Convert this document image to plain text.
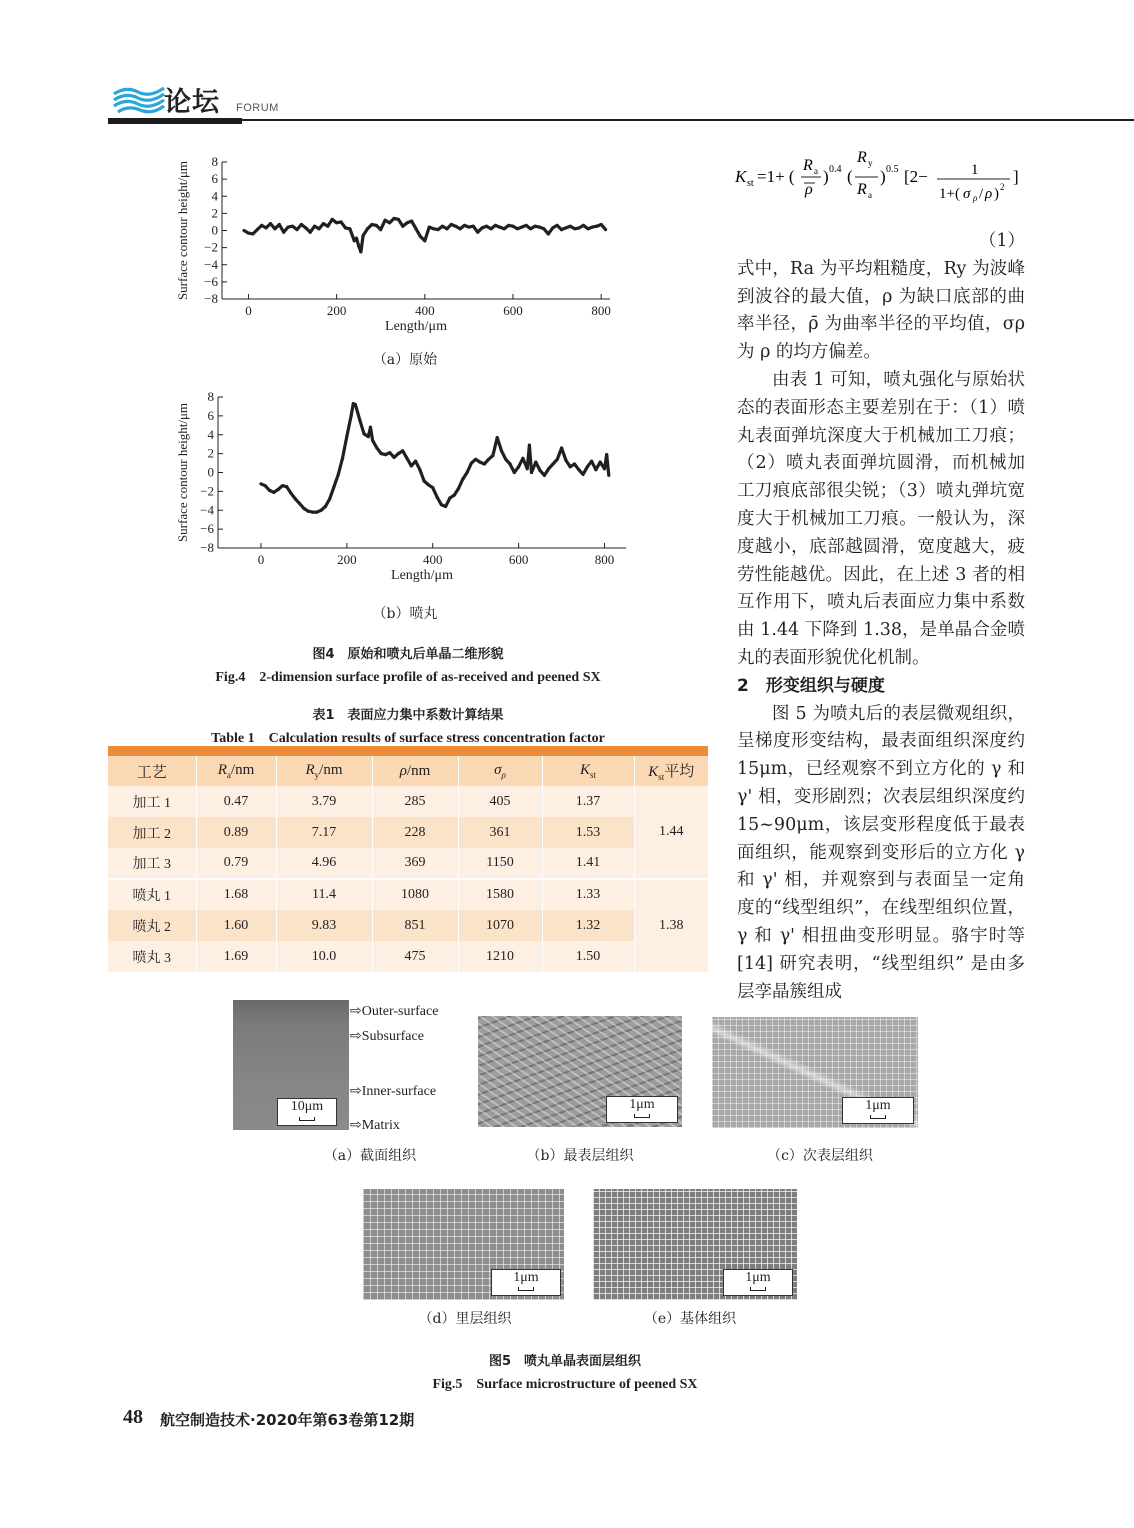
论坛 FORUM
8
6
4
2
0
−2
−4
−6
−8
0	200	400	600	800
Length/μm
Surface contour height/μm
（a）原始
8
6
4
2
0
−2
−4
−6
−8
0	200	400	600	800
Length/μm
Surface contour height/μm
（b）喷丸
图4　原始和喷丸后单晶二维形貌
Fig.4　2-dimension surface profile of as-received and peened SX
表1　表面应力集中系数计算结果
Table 1　Calculation results of surface stress concentration factor

工艺	$R_a/nm$	$R_y/nm$	ρ/nm	$\sigma_\rho$	$K_{st}$	$K_{st}$平均
加工 1	0.47	3.79	285	405	1.37	1.44
加工 2	0.89	7.17	228	361	1.53	
加工 3	0.79	4.96	369	1150	1.41	
喷丸 1	1.68	11.4	1080	1580	1.33	1.38
喷丸 2	1.60	9.83	851	1070	1.32	
喷丸 3	1.69	10.0	475	1210	1.50	
K st =1+ (
R a
ρ
) 0.4 (
R y
R a
) 0.5 [2−	1
1+( σ ρ / ρ ) 2
]

（1）

式中，Ra 为平均粗糙度，Ry 为波峰到波谷的最大值，ρ 为缺口底部的曲率半径，ρ̄ 为曲率半径的平均值，σρ 为 ρ 的均方偏差。

由表 1 可知，喷丸强化与原始状态的表面形态主要差别在于：（1）喷丸表面弹坑深度大于机械加工刀痕；（2）喷丸表面弹坑圆滑，而机械加工刀痕底部很尖锐；（3）喷丸弹坑宽度大于机械加工刀痕。一般认为，深度越小，底部越圆滑，宽度越大，疲劳性能越优。因此，在上述 3 者的相互作用下，喷丸后表面应力集中系数由 1.44 下降到 1.38，是单晶合金喷丸的表面形貌优化机制。

2　形变组织与硬度

图 5 为喷丸后的表层微观组织，呈梯度形变结构，最表面组织深度约 15μm，已经观察不到立方化的 γ 和 γ' 相，变形剧烈；次表层组织深度约 15~90μm，该层变形程度低于最表面组织，能观察到变形后的立方化 γ 和 γ' 相，并观察到与表面呈一定角度的“线型组织”，在线型组织位置，γ 和 γ' 相扭曲变形明显。骆宇时等 [14] 研究表明，“线型组织” 是由多层孪晶簇组成

10μm
⇨Outer-surface
⇨Subsurface
⇨Inner-surface
⇨Matrix
1μm	1μm
（a）截面组织	（b）最表层组织	（c）次表层组织
1μm	1μm
（d）里层组织	（e）基体组织
图5　喷丸单晶表面层组织
Fig.5　Surface microstructure of peened SX
48 航空制造技术·2020年第63卷第12期
